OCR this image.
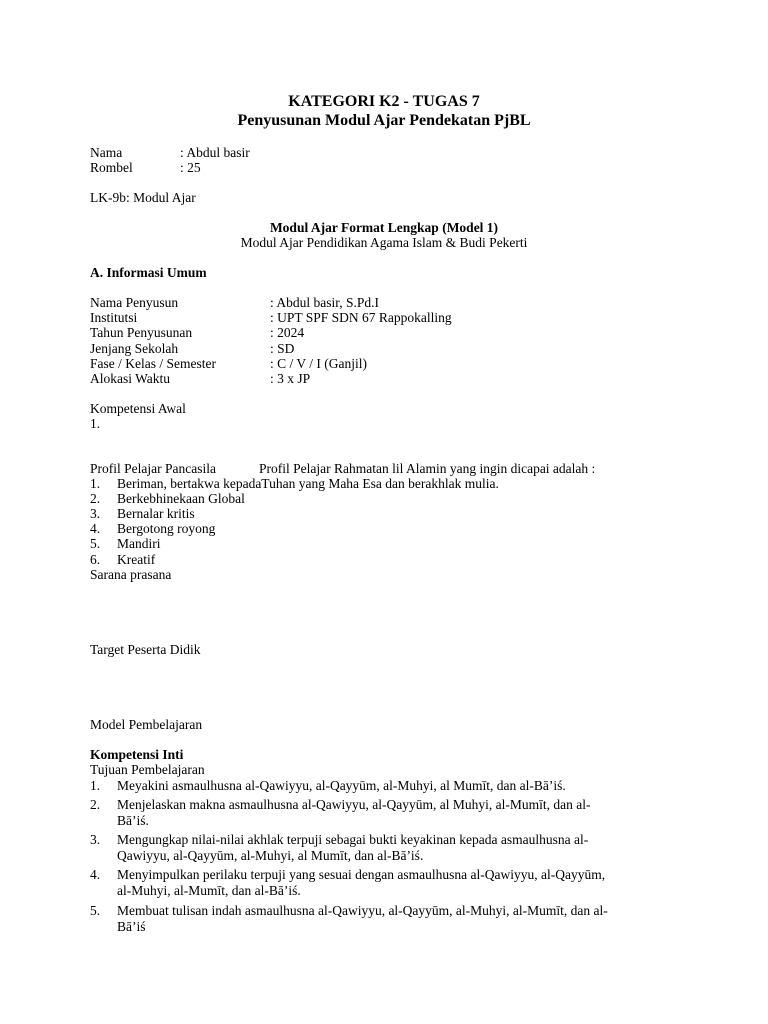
KATEGORI K2 - TUGAS 7
Penyusunan Modul Ajar Pendekatan PjBL
Nama	: Abdul basir
Rombel	: 25
LK-9b: Modul Ajar
Modul Ajar Format Lengkap (Model 1)
Modul Ajar Pendidikan Agama Islam & Budi Pekerti
A. Informasi Umum
Nama Penyusun	: Abdul basir, S.Pd.I
Institutsi	: UPT SPF SDN 67 Rappokalling
Tahun Penyusunan	: 2024
Jenjang Sekolah	: SD
Fase / Kelas / Semester	: C / V / I (Ganjil)
Alokasi Waktu	: 3 x JP
Kompetensi Awal
1.
Profil Pelajar Pancasila	Profil Pelajar Rahmatan lil Alamin yang ingin dicapai adalah :
1. Beriman, bertakwa kepadaTuhan yang Maha Esa dan berakhlak mulia.
2. Berkebhinekaan Global
3. Bernalar kritis
4. Bergotong royong
5. Mandiri
6. Kreatif
Sarana prasana
Target Peserta Didik
Model Pembelajaran
Kompetensi Inti
Tujuan Pembelajaran
1. Meyakini asmaulhusna al-Qawiyyu, al-Qayyūm, al-Muhyi, al Mumīt, dan al-Bā’iś.
2. Menjelaskan makna asmaulhusna al-Qawiyyu, al-Qayyūm, al Muhyi, al-Mumīt, dan al-
Bā’iś.
3. Mengungkap nilai-nilai akhlak terpuji sebagai bukti keyakinan kepada asmaulhusna al-
Qawiyyu, al-Qayyūm, al-Muhyi, al Mumīt, dan al-Bā’iś.
4. Menyimpulkan perilaku terpuji yang sesuai dengan asmaulhusna al-Qawiyyu, al-Qayyūm,
al-Muhyi, al-Mumīt, dan al-Bā’iś.
5. Membuat tulisan indah asmaulhusna al-Qawiyyu, al-Qayyūm, al-Muhyi, al-Mumīt, dan al-
Bā’iś
